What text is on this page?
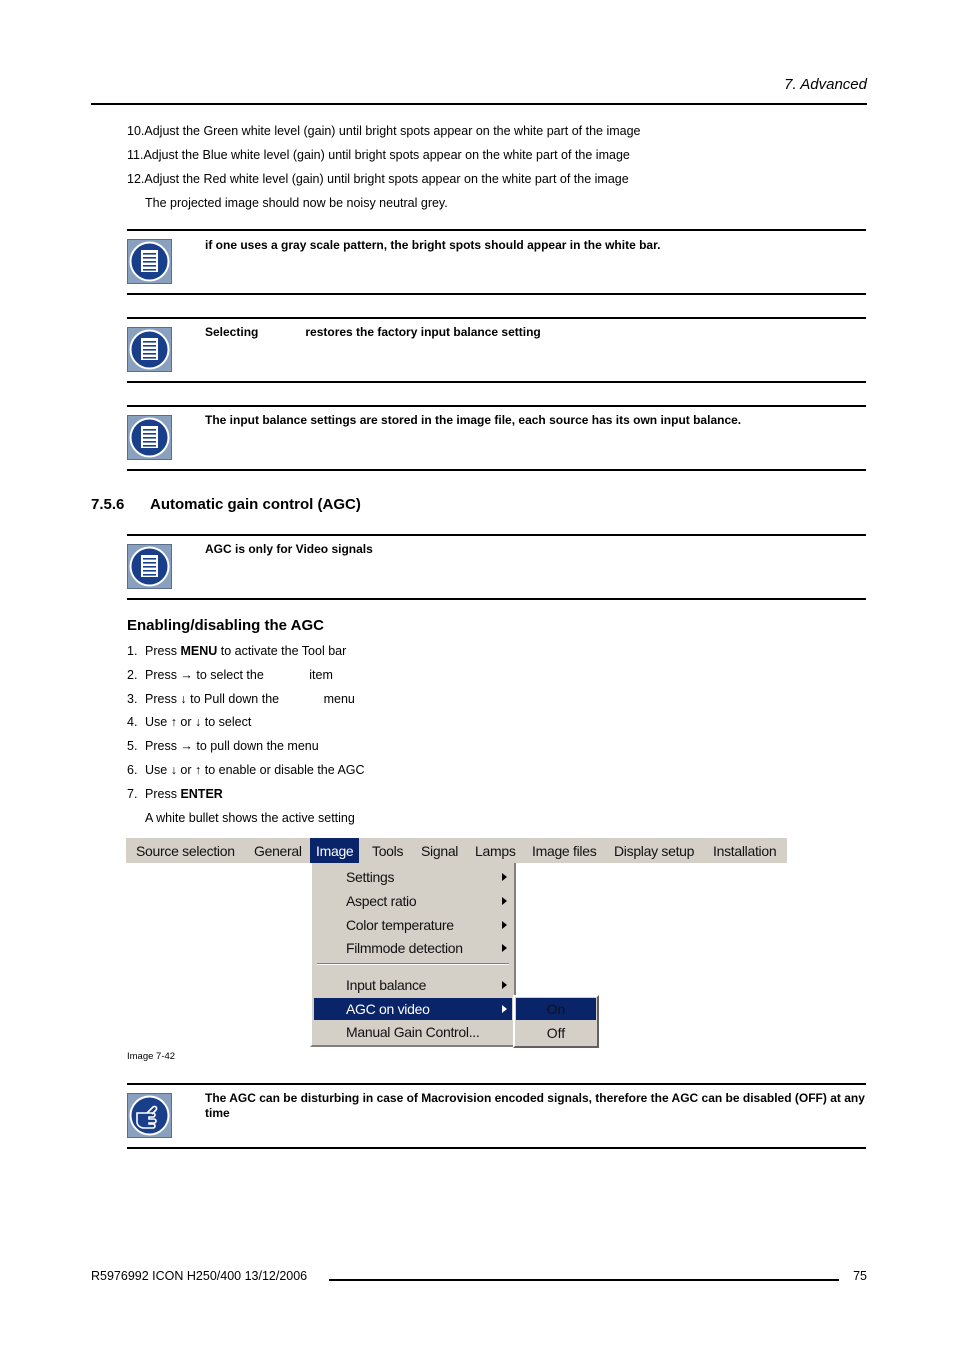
7. Advanced
10.Adjust the Green white level (gain) until bright spots appear on the white part of the image
11.Adjust the Blue white level (gain) until bright spots appear on the white part of the image
12.Adjust the Red white level (gain) until bright spots appear on the white part of the image
The projected image should now be noisy neutral grey.
if one uses a gray scale pattern, the bright spots should appear in the white bar.
Selecting	restores the factory input balance setting
The input balance settings are stored in the image file, each source has its own input balance.
7.5.6 Automatic gain control (AGC)
AGC is only for Video signals
Enabling/disabling the AGC
1. Press MENU to activate the Tool bar
2. Press → to select the	item
3. Press ↓ to Pull down the	menu
4. Use ↑ or ↓ to select
5. Press → to pull down the menu
6. Use ↓ or ↑ to enable or disable the AGC
7. Press ENTER
A white bullet shows the active setting
Source selection General	Image	Tools Signal Lamps Image files Display setup Installation
Settings
Aspect ratio
Color temperature
Filmmode detection
Input balance
AGC on video
Manual Gain Control...
On
Off
Image 7-42
The AGC can be disturbing in case of Macrovision encoded signals, therefore the AGC can be disabled (OFF) at any time
R5976992 ICON H250/400 13/12/2006	75
